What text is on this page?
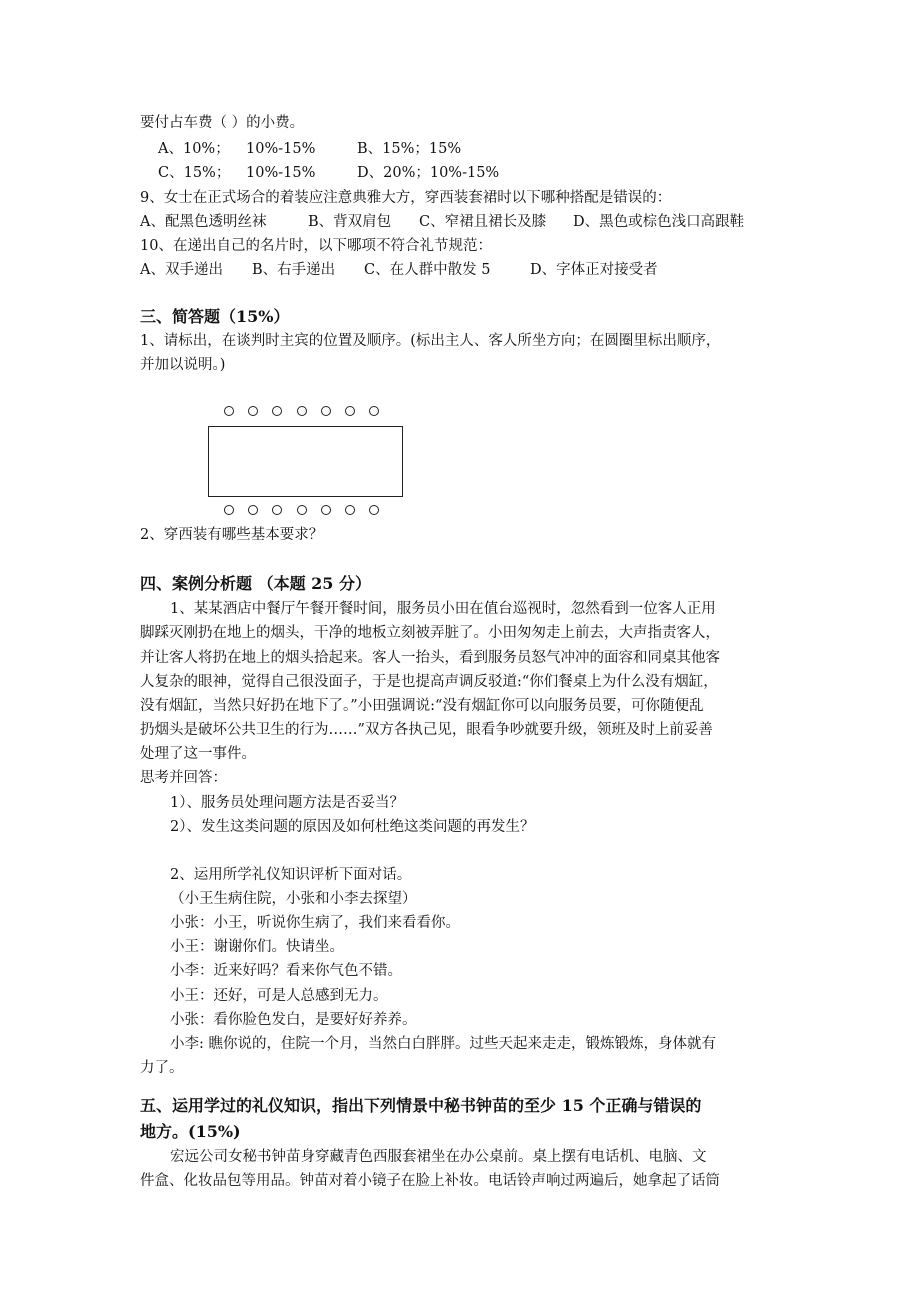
要付占车费（ ）的小费。
A、10%； 10%-15%	B、15%；15%
C、15%； 10%-15%	D、20%；10%-15%
9、女士在正式场合的着装应注意典雅大方，穿西装套裙时以下哪种搭配是错误的：
A、配黑色透明丝袜	B、背双肩包 C、窄裙且裙长及膝 D、黑色或棕色浅口高跟鞋
10、在递出自己的名片时，以下哪项不符合礼节规范：
A、双手递出 B、右手递出 C、在人群中散发 5	D、字体正对接受者
三、简答题（15%）
1、请标出，在谈判时主宾的位置及顺序。(标出主人、客人所坐方向；在圆圈里标出顺序，
并加以说明。)
2、穿西装有哪些基本要求？
四、案例分析题 （本题 25 分）
1、某某酒店中餐厅午餐开餐时间，服务员小田在值台巡视时，忽然看到一位客人正用
脚踩灭刚扔在地上的烟头，干净的地板立刻被弄脏了。小田匆匆走上前去，大声指责客人，
并让客人将扔在地上的烟头拾起来。客人一抬头，看到服务员怒气冲冲的面容和同桌其他客
人复杂的眼神，觉得自己很没面子，于是也提高声调反驳道:“你们餐桌上为什么没有烟缸，
没有烟缸，当然只好扔在地下了。”小田强调说:“没有烟缸你可以向服务员要，可你随便乱
扔烟头是破坏公共卫生的行为……”双方各执己见，眼看争吵就要升级，领班及时上前妥善
处理了这一事件。
思考并回答：
1）、服务员处理问题方法是否妥当？
2）、发生这类问题的原因及如何杜绝这类问题的再发生？
2、运用所学礼仪知识评析下面对话。
（小王生病住院，小张和小李去探望）
小张：小王，听说你生病了，我们来看看你。
小王：谢谢你们。快请坐。
小李：近来好吗？看来你气色不错。
小王：还好，可是人总感到无力。
小张：看你脸色发白，是要好好养养。
小李: 瞧你说的，住院一个月，当然白白胖胖。过些天起来走走，锻炼锻炼，身体就有
力了。
五、运用学过的礼仪知识，指出下列情景中秘书钟苗的至少 15 个正确与错误的
地方。(15%)
宏远公司女秘书钟苗身穿藏青色西服套裙坐在办公桌前。桌上摆有电话机、电脑、文
件盒、化妆品包等用品。钟苗对着小镜子在脸上补妆。电话铃声响过两遍后，她拿起了话筒
